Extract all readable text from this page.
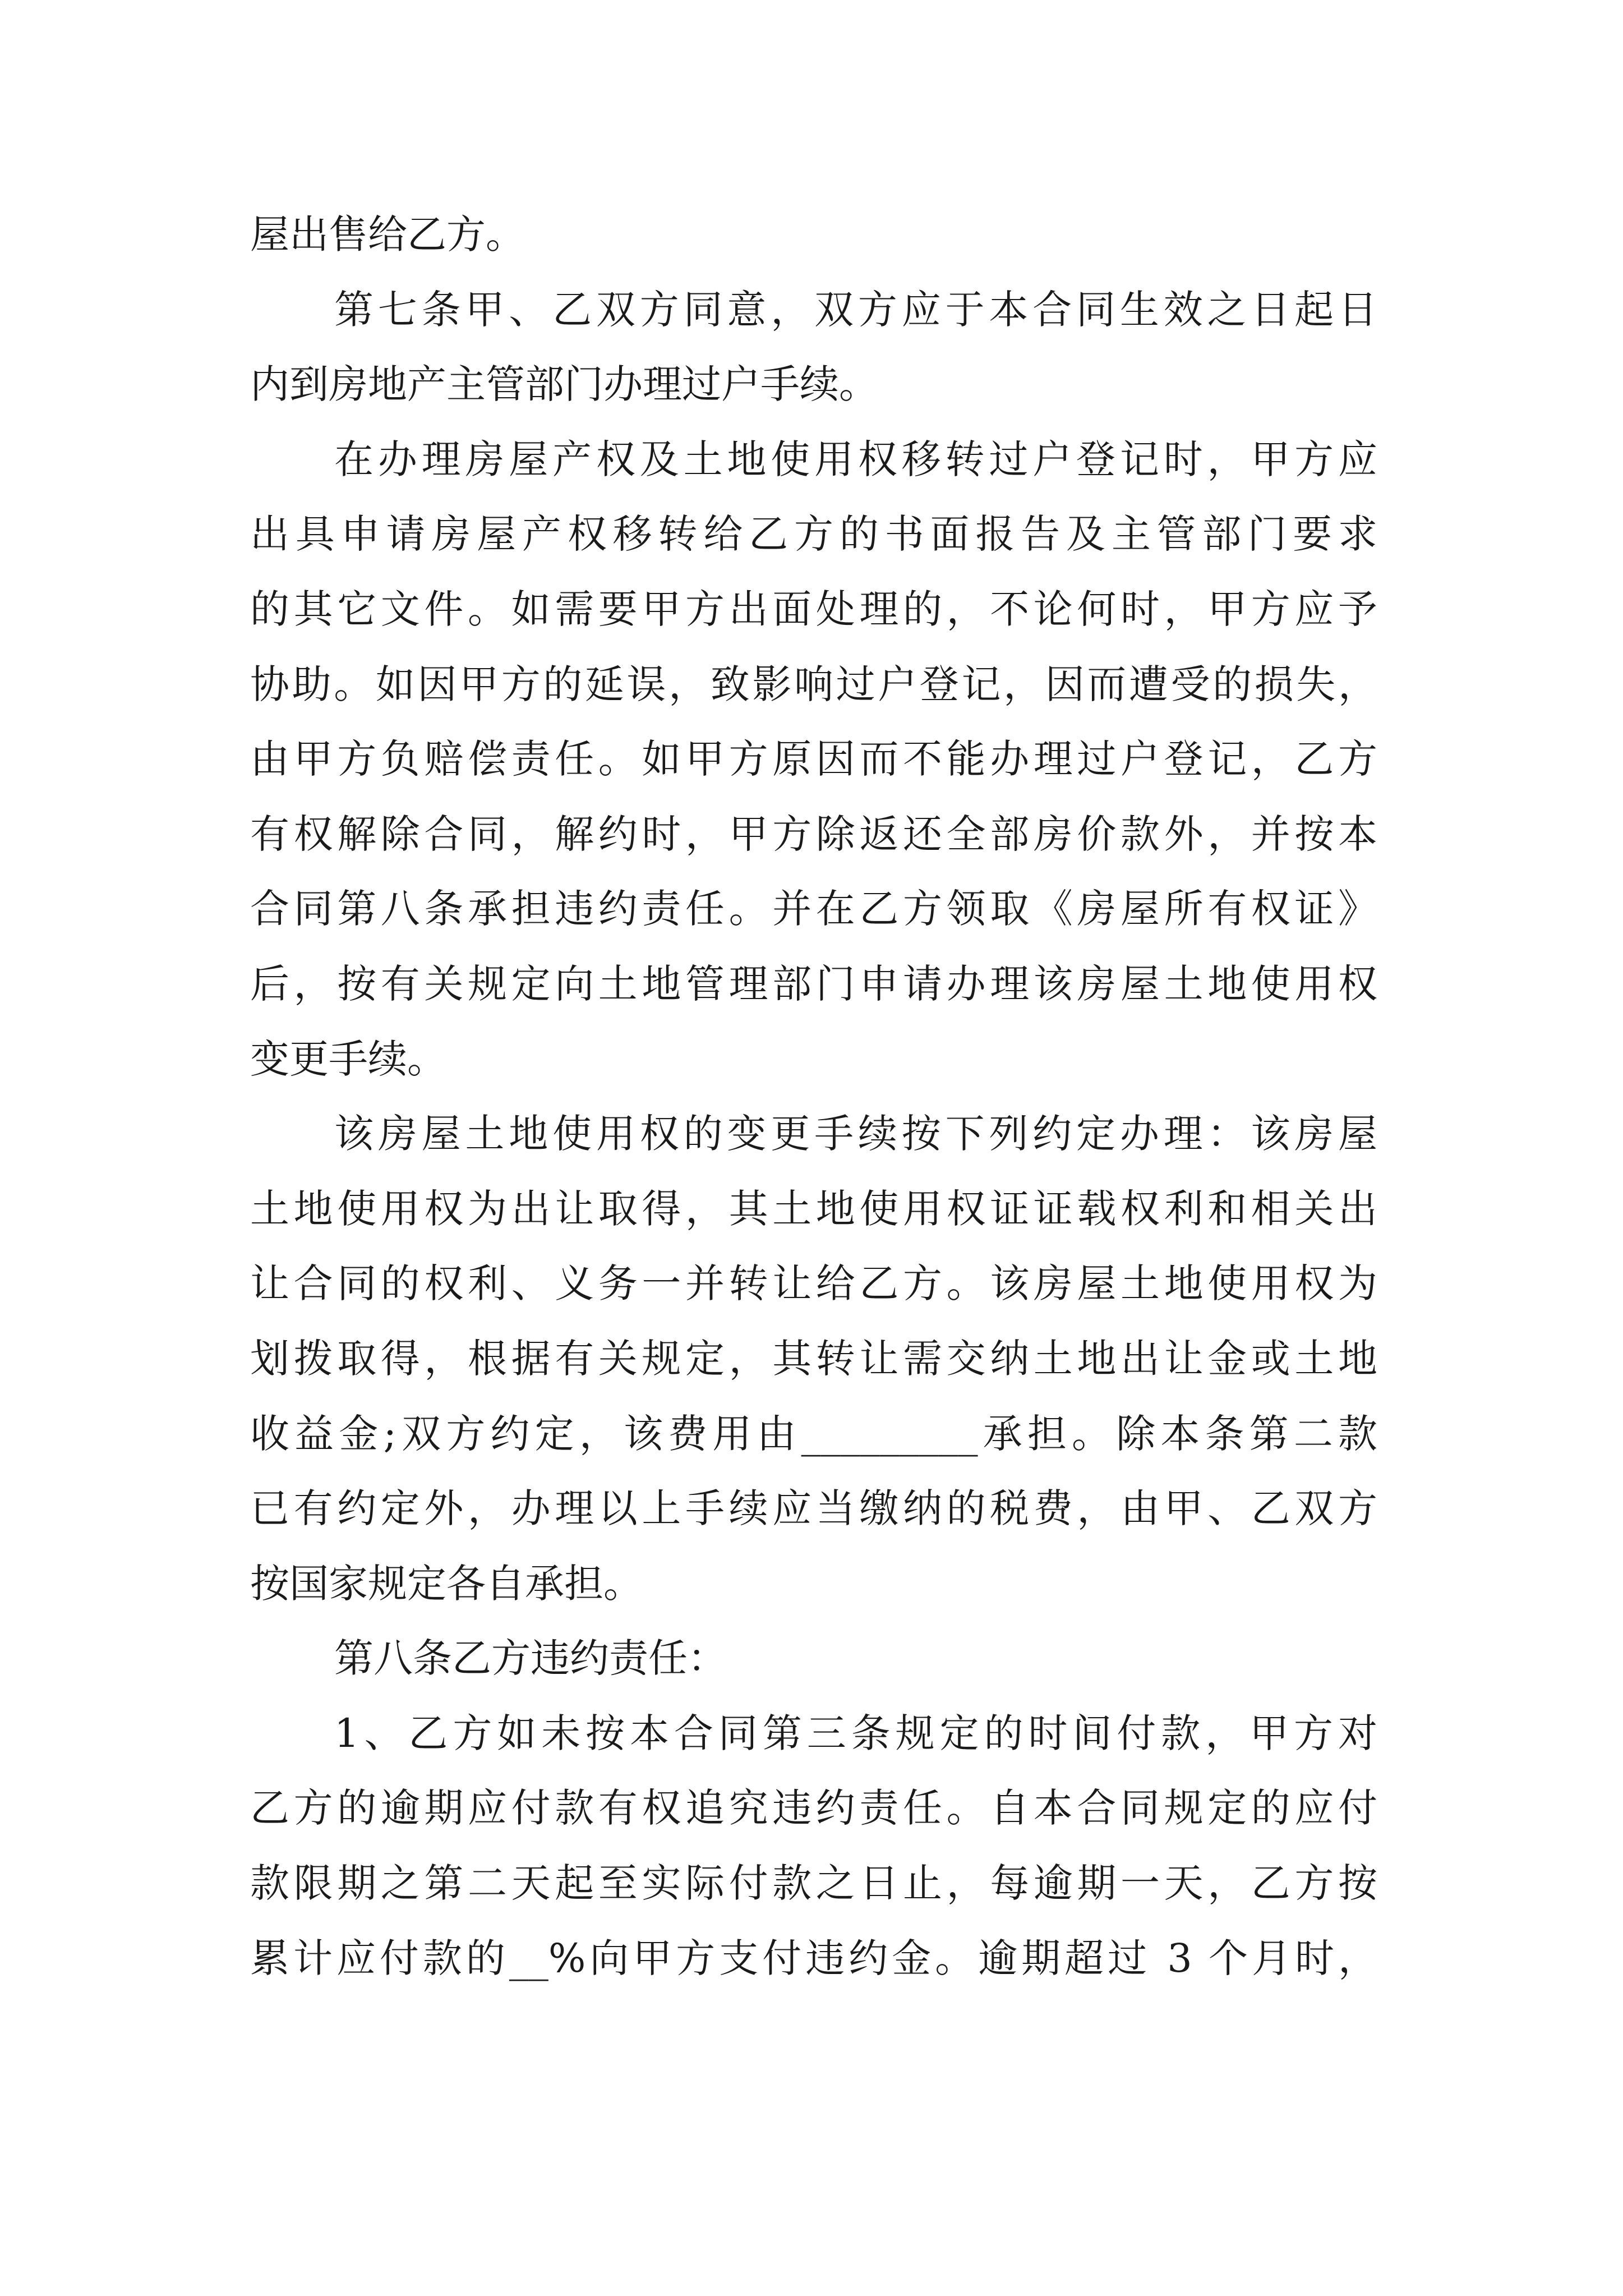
屋出售给乙方。
第七条甲、乙双方同意，双方应于本合同生效之日起日
内到房地产主管部门办理过户手续。
在办理房屋产权及土地使用权移转过户登记时，甲方应
出具申请房屋产权移转给乙方的书面报告及主管部门要求
的其它文件。如需要甲方出面处理的，不论何时，甲方应予
协助。如因甲方的延误，致影响过户登记，因而遭受的损失，
由甲方负赔偿责任。如甲方原因而不能办理过户登记，乙方
有权解除合同，解约时，甲方除返还全部房价款外，并按本
合同第八条承担违约责任。并在乙方领取《房屋所有权证》
后，按有关规定向土地管理部门申请办理该房屋土地使用权
变更手续。
该房屋土地使用权的变更手续按下列约定办理：该房屋
土地使用权为出让取得，其土地使用权证证载权利和相关出
让合同的权利、义务一并转让给乙方。该房屋土地使用权为
划拨取得，根据有关规定，其转让需交纳土地出让金或土地
收益金;双方约定，该费用由_________承担。除本条第二款
已有约定外，办理以上手续应当缴纳的税费，由甲、乙双方
按国家规定各自承担。
第八条乙方违约责任：
1、乙方如未按本合同第三条规定的时间付款，甲方对
乙方的逾期应付款有权追究违约责任。自本合同规定的应付
款限期之第二天起至实际付款之日止，每逾期一天，乙方按
累计应付款的__%向甲方支付违约金。逾期超过 3 个月时，
